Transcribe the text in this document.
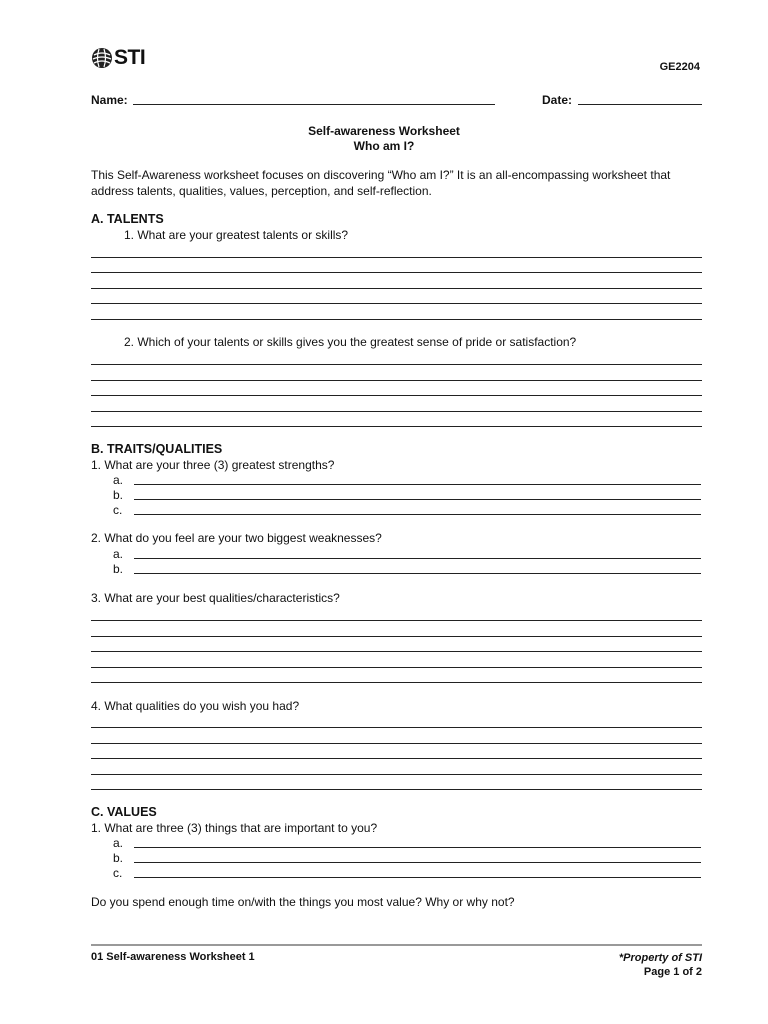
STI	GE2204
Name:	Date:
Self-awareness Worksheet
Who am I?
This Self-Awareness worksheet focuses on discovering “Who am I?” It is an all-encompassing worksheet that address talents, qualities, values, perception, and self-reflection.
A. TALENTS
1. What are your greatest talents or skills?
2. Which of your talents or skills gives you the greatest sense of pride or satisfaction?
B. TRAITS/QUALITIES
1. What are your three (3) greatest strengths?
a.
b.
c.
2. What do you feel are your two biggest weaknesses?
a.
b.
3. What are your best qualities/characteristics?
4. What qualities do you wish you had?
C. VALUES
1. What are three (3) things that are important to you?
a.
b.
c.
Do you spend enough time on/with the things you most value? Why or why not?
01 Self-awareness Worksheet 1	*Property of STI
Page 1 of 2
